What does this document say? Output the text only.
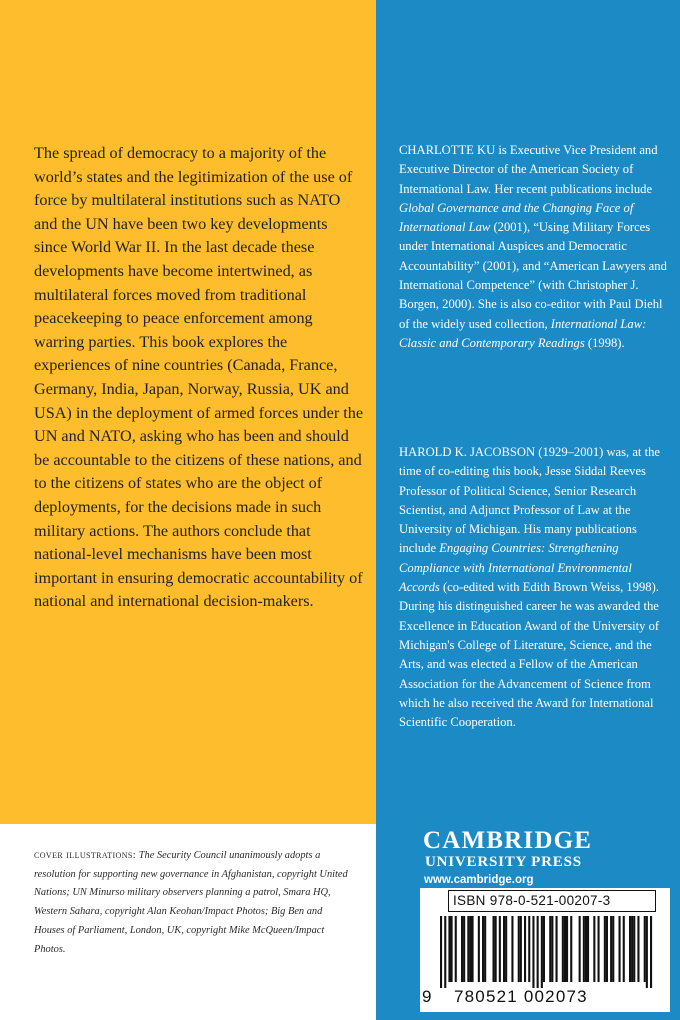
The spread of democracy to a majority of the world’s states and the legitimization of the use of force by multilateral institutions such as NATO and the UN have been two key developments since World War II. In the last decade these developments have become intertwined, as multilateral forces moved from traditional peacekeeping to peace enforcement among warring parties. This book explores the experiences of nine countries (Canada, France, Germany, India, Japan, Norway, Russia, UK and USA) in the deployment of armed forces under the UN and NATO, asking who has been and should be accountable to the citizens of these nations, and to the citizens of states who are the object of deployments, for the decisions made in such military actions. The authors conclude that national-level mechanisms have been most important in ensuring democratic accountability of national and international decision-makers.

CHARLOTTE KU is Executive Vice President and Executive Director of the American Society of International Law. Her recent publications include Global Governance and the Changing Face of International Law (2001), “Using Military Forces under International Auspices and Democratic Accountability” (2001), and “American Lawyers and International Competence” (with Christopher J. Borgen, 2000). She is also co-editor with Paul Diehl of the widely used collection, International Law: Classic and Contemporary Readings (1998).

HAROLD K. JACOBSON (1929–2001) was, at the time of co-editing this book, Jesse Siddal Reeves Professor of Political Science, Senior Research Scientist, and Adjunct Professor of Law at the University of Michigan. His many publications include Engaging Countries: Strengthening Compliance with International Environmental Accords (co-edited with Edith Brown Weiss, 1998). During his distinguished career he was awarded the Excellence in Education Award of the University of Michigan's College of Literature, Science, and the Arts, and was elected a Fellow of the American Association for the Advancement of Science from which he also received the Award for International Scientific Cooperation.

cover illustrations: The Security Council unanimously adopts a resolution for supporting new governance in Afghanistan, copyright United Nations; UN Minurso military observers planning a patrol, Smara HQ, Western Sahara, copyright Alan Keohan/Impact Photos; Big Ben and Houses of Parliament, London, UK, copyright Mike McQueen/Impact Photos.

CAMBRIDGE
UNIVERSITY PRESS
www.cambridge.org
ISBN 978-0-521-00207-3
9 780521 002073
